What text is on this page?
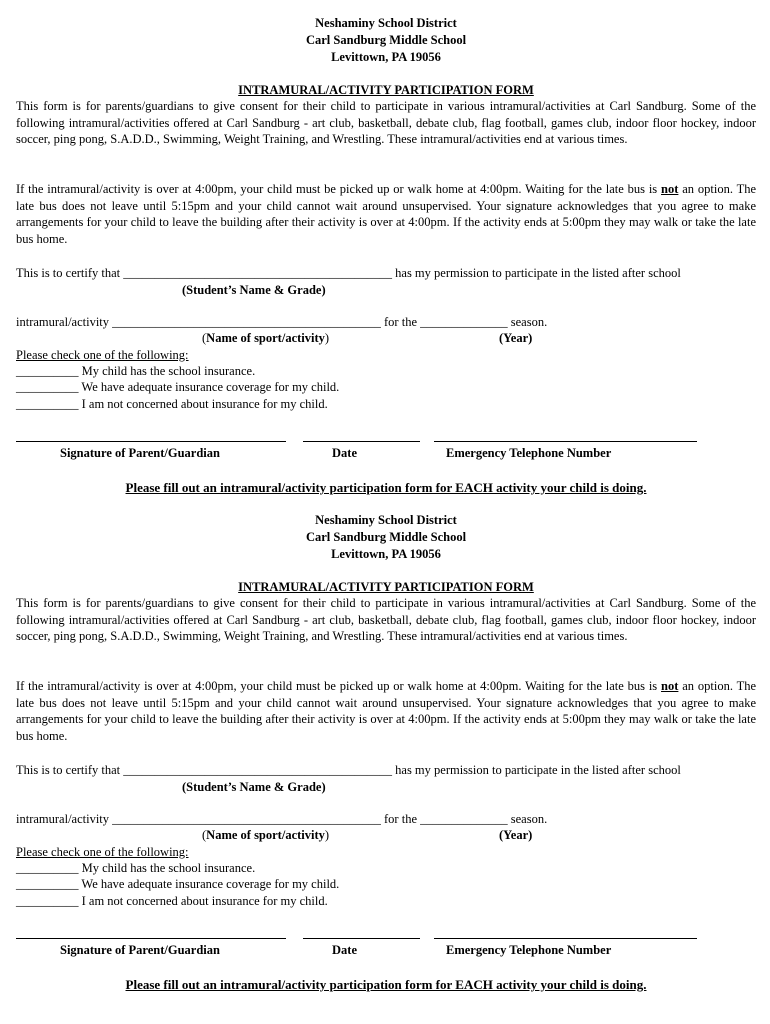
Neshaminy School District
Carl Sandburg Middle School
Levittown, PA 19056
INTRAMURAL/ACTIVITY PARTICIPATION FORM
This form is for parents/guardians to give consent for their child to participate in various intramural/activities at Carl Sandburg. Some of the following intramural/activities offered at Carl Sandburg - art club, basketball, debate club, flag football, games club, indoor floor hockey, indoor soccer, ping pong, S.A.D.D., Swimming, Weight Training, and Wrestling. These intramural/activities end at various times.
If the intramural/activity is over at 4:00pm, your child must be picked up or walk home at 4:00pm. Waiting for the late bus is not an option. The late bus does not leave until 5:15pm and your child cannot wait around unsupervised. Your signature acknowledges that you agree to make arrangements for your child to leave the building after their activity is over at 4:00pm. If the activity ends at 5:00pm they may walk or take the late bus home.
This is to certify that ___________________________________________ has my permission to participate in the listed after school
(Student’s Name & Grade)
intramural/activity ___________________________________________ for the ______________ season.
(Name of sport/activity)	(Year)
Please check one of the following:
__________ My child has the school insurance.
__________ We have adequate insurance coverage for my child.
__________ I am not concerned about insurance for my child.
Signature of Parent/Guardian	Date	Emergency Telephone Number
Please fill out an intramural/activity participation form for EACH activity your child is doing.
Neshaminy School District
Carl Sandburg Middle School
Levittown, PA 19056
INTRAMURAL/ACTIVITY PARTICIPATION FORM
This form is for parents/guardians to give consent for their child to participate in various intramural/activities at Carl Sandburg. Some of the following intramural/activities offered at Carl Sandburg - art club, basketball, debate club, flag football, games club, indoor floor hockey, indoor soccer, ping pong, S.A.D.D., Swimming, Weight Training, and Wrestling. These intramural/activities end at various times.
If the intramural/activity is over at 4:00pm, your child must be picked up or walk home at 4:00pm. Waiting for the late bus is not an option. The late bus does not leave until 5:15pm and your child cannot wait around unsupervised. Your signature acknowledges that you agree to make arrangements for your child to leave the building after their activity is over at 4:00pm. If the activity ends at 5:00pm they may walk or take the late bus home.
This is to certify that ___________________________________________ has my permission to participate in the listed after school
(Student’s Name & Grade)
intramural/activity ___________________________________________ for the ______________ season.
(Name of sport/activity)	(Year)
Please check one of the following:
__________ My child has the school insurance.
__________ We have adequate insurance coverage for my child.
__________ I am not concerned about insurance for my child.
Signature of Parent/Guardian	Date	Emergency Telephone Number
Please fill out an intramural/activity participation form for EACH activity your child is doing.
